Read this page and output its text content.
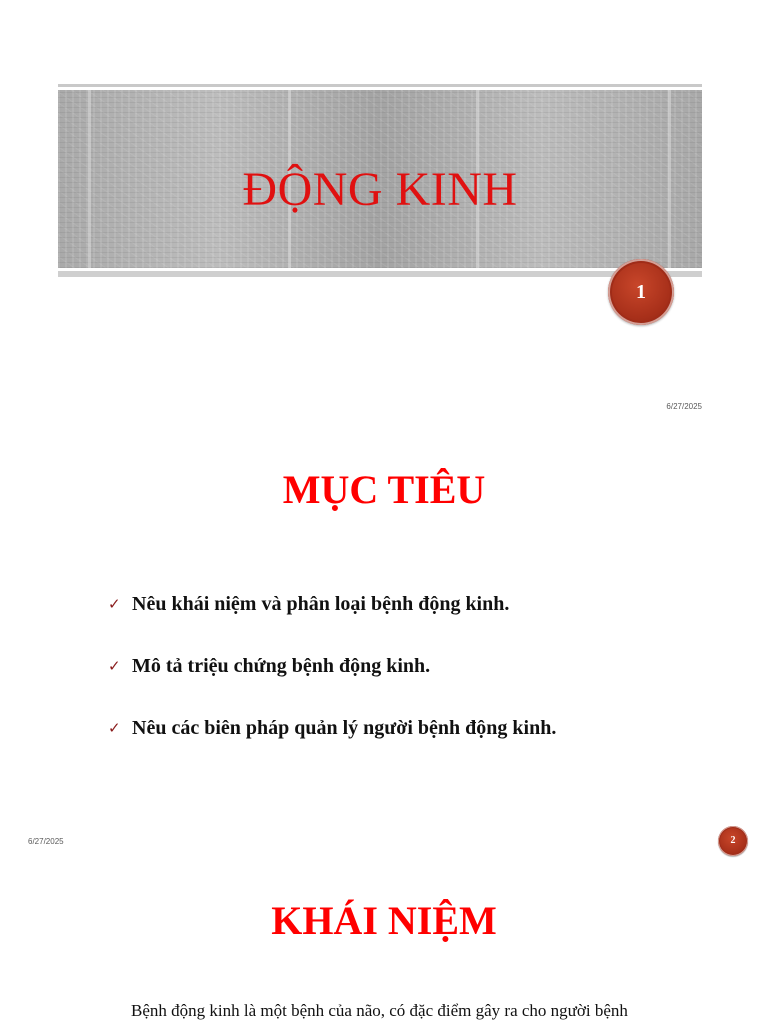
ĐỘNG KINH
1
6/27/2025
MỤC TIÊU
✓ Nêu khái niệm và phân loại bệnh động kinh.
✓ Mô tả triệu chứng bệnh động kinh.
✓ Nêu các biên pháp quản lý người bệnh động kinh.
6/27/2025	2
KHÁI NIỆM
Bệnh động kinh là một bệnh của não, có đặc điểm gây ra cho người bệnh
